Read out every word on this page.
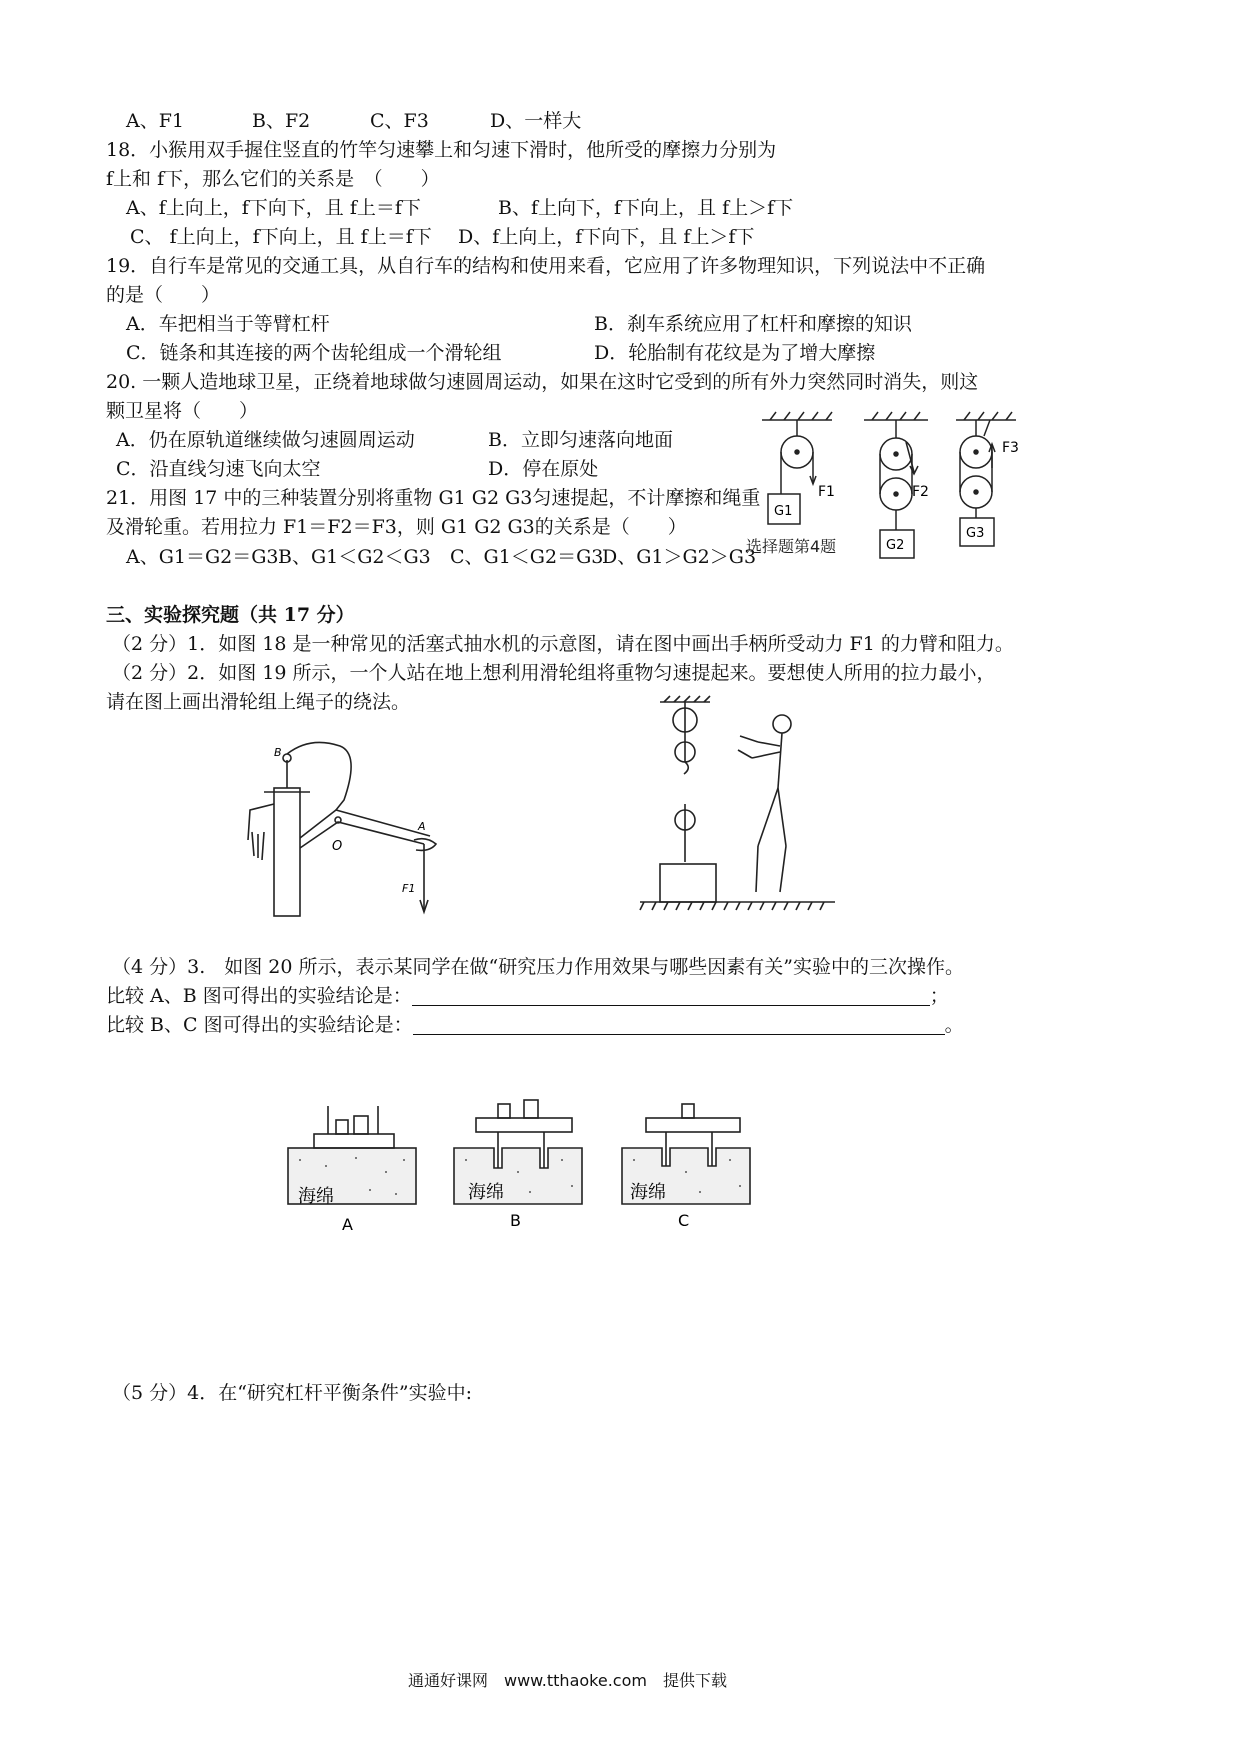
A、F1	B、F2	C、F3	D、一样大
18．小猴用双手握住竖直的竹竿匀速攀上和匀速下滑时，他所受的摩擦力分别为
f上和 f下，那么它们的关系是　（　　）
A、f上向上，f下向下，且 f上＝f下	B、f上向下，f下向上，且 f上＞f下
C、 f上向上，f下向上，且 f上＝f下 D、f上向上，f下向下，且 f上＞f下
19．自行车是常见的交通工具，从自行车的结构和使用来看，它应用了许多物理知识，下列说法中不正确
的是（　　）
A．车把相当于等臂杠杆	B．刹车系统应用了杠杆和摩擦的知识
C．链条和其连接的两个齿轮组成一个滑轮组	D．轮胎制有花纹是为了增大摩擦
20. 一颗人造地球卫星，正绕着地球做匀速圆周运动，如果在这时它受到的所有外力突然同时消失，则这
颗卫星将（　　）
A．仍在原轨道继续做匀速圆周运动	B．立即匀速落向地面
C．沿直线匀速飞向太空	D．停在原处
21．用图 17 中的三种装置分别将重物 G1 G2 G3匀速提起，不计摩擦和绳重
及滑轮重。若用拉力 F1＝F2＝F3，则 G1 G2 G3的关系是（　　）
A、G1＝G2＝G3 B、G1＜G2＜G3 C、G1＜G2＝G3
D、G1＞G2＞G3
F1	F2
F3
G1
G2
G3
选择题第4题
三、实验探究题（共 17 分）
（2 分）1．如图 18 是一种常见的活塞式抽水机的示意图，请在图中画出手柄所受动力 F1 的力臂和阻力。
（2 分）2．如图 19 所示，一个人站在地上想利用滑轮组将重物匀速提起来。要想使人所用的拉力最小，
请在图上画出滑轮组上绳子的绕法。
B
O
A
F1
（4 分）3.　如图 20 所示，表示某同学在做“研究压力作用效果与哪些因素有关”实验中的三次操作。
比较 A、B 图可得出的实验结论是：	；
比较 B、C 图可得出的实验结论是：	。
海绵	海绵	海绵
A	B	C
（5 分）4．在“研究杠杆平衡条件”实验中:
通通好课网　www.tthaoke.com　提供下载
